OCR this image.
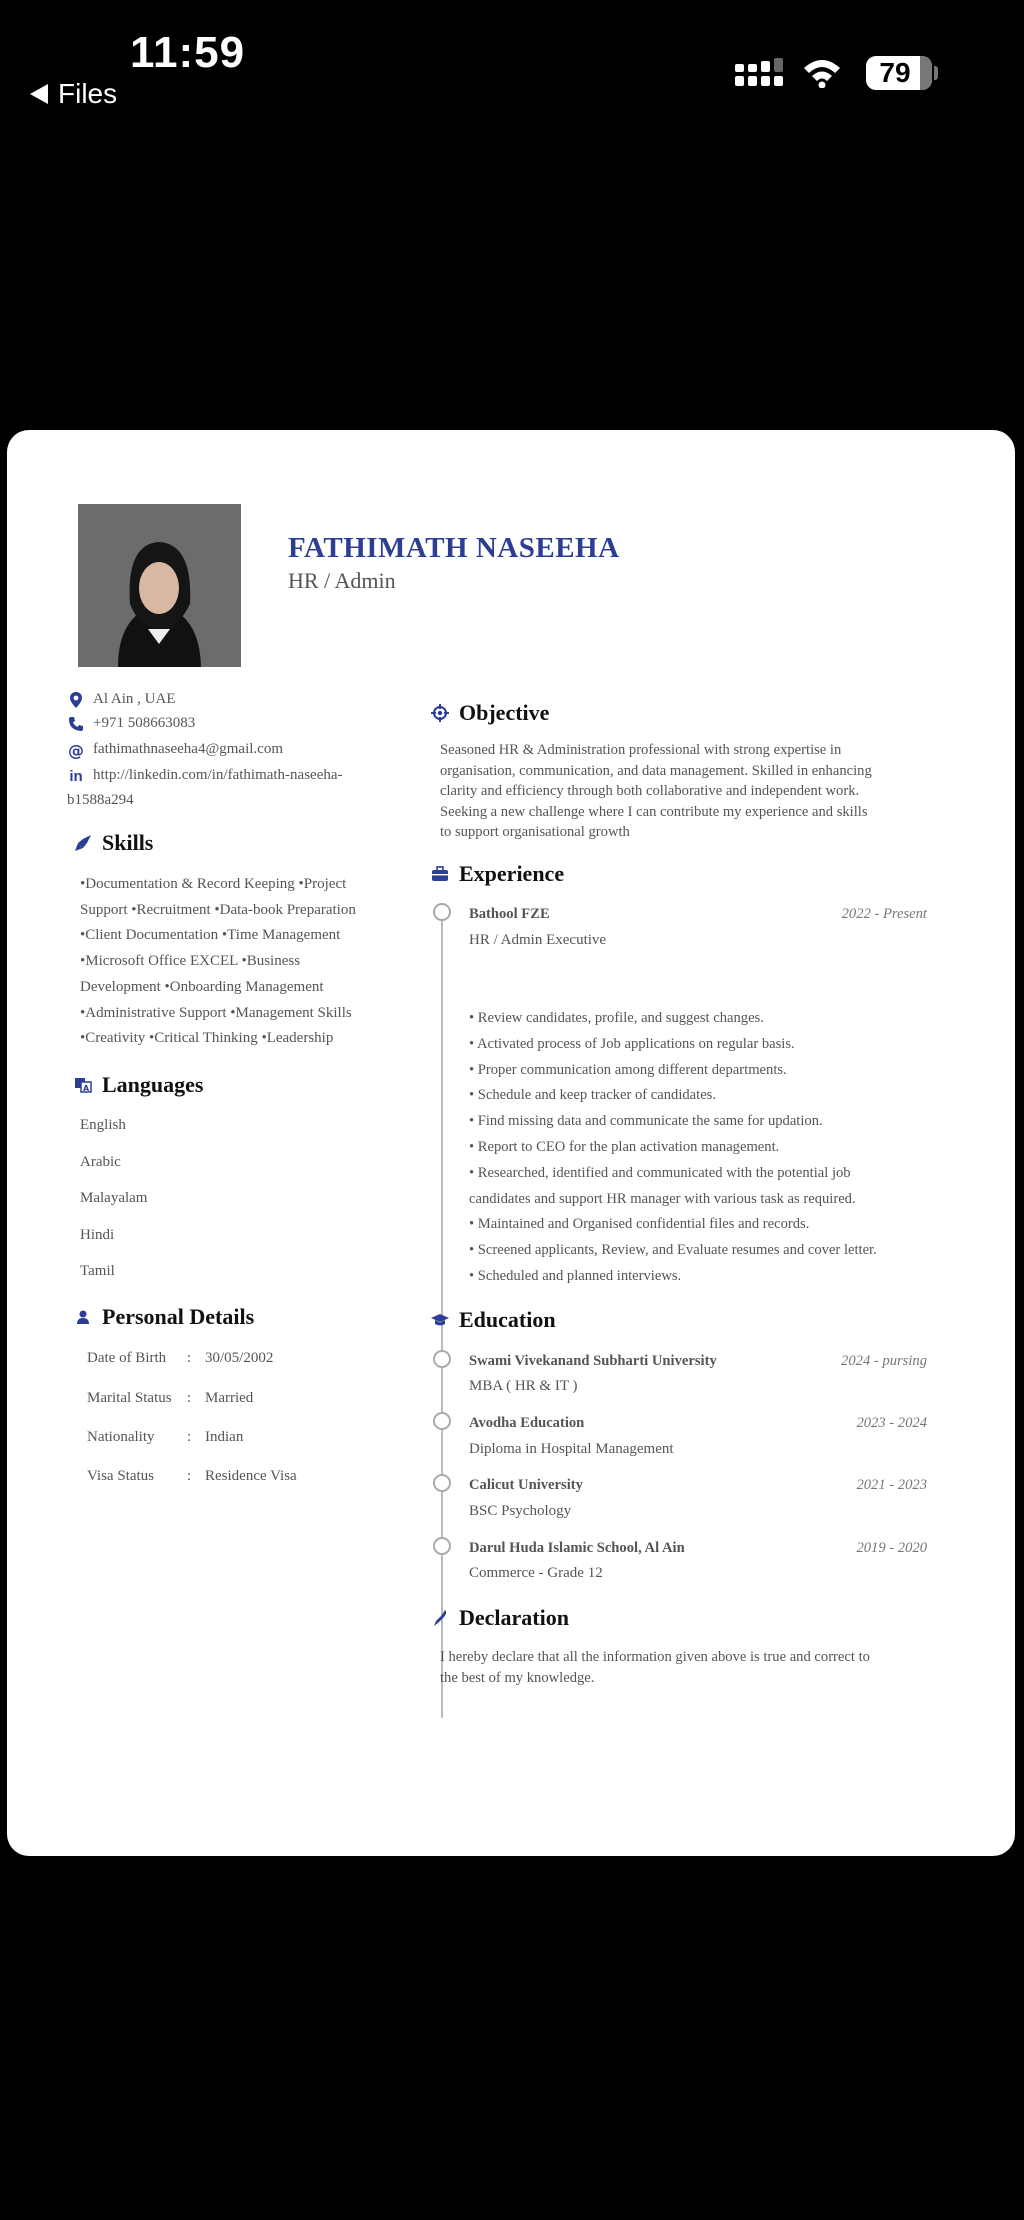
11:59
Files
79
FATHIMATH NASEEHA
HR / Admin
Al Ain , UAE
+971 508663083
@ fathimathnaseeha4@gmail.com
in http://linkedin.com/in/fathimath-naseeha-
b1588a294
Skills
•Documentation & Record Keeping •Project
Support •Recruitment •Data-book Preparation
•Client Documentation •Time Management
•Microsoft Office EXCEL •Business
Development •Onboarding Management
•Administrative Support •Management Skills
•Creativity •Critical Thinking •Leadership
A Languages
English
Arabic
Malayalam
Hindi
Tamil
Personal Details
Date of Birth : 30/05/2002
Marital Status : Married
Nationality : Indian
Visa Status : Residence Visa
Objective
Seasoned HR & Administration professional with strong expertise in
organisation, communication, and data management. Skilled in enhancing
clarity and efficiency through both collaborative and independent work.
Seeking a new challenge where I can contribute my experience and skills
to support organisational growth
Experience
Bathool FZE	2022 - Present
HR / Admin Executive
• Review candidates, profile, and suggest changes.
• Activated process of Job applications on regular basis.
• Proper communication among different departments.
• Schedule and keep tracker of candidates.
• Find missing data and communicate the same for updation.
• Report to CEO for the plan activation management.
• Researched, identified and communicated with the potential job
candidates and support HR manager with various task as required.
• Maintained and Organised confidential files and records.
• Screened applicants, Review, and Evaluate resumes and cover letter.
• Scheduled and planned interviews.
Education
Swami Vivekanand Subharti University	2024 - pursing
MBA ( HR & IT )
Avodha Education	2023 - 2024
Diploma in Hospital Management
Calicut University	2021 - 2023
BSC Psychology
Darul Huda Islamic School, Al Ain	2019 - 2020
Commerce - Grade 12
Declaration
I hereby declare that all the information given above is true and correct to
the best of my knowledge.
